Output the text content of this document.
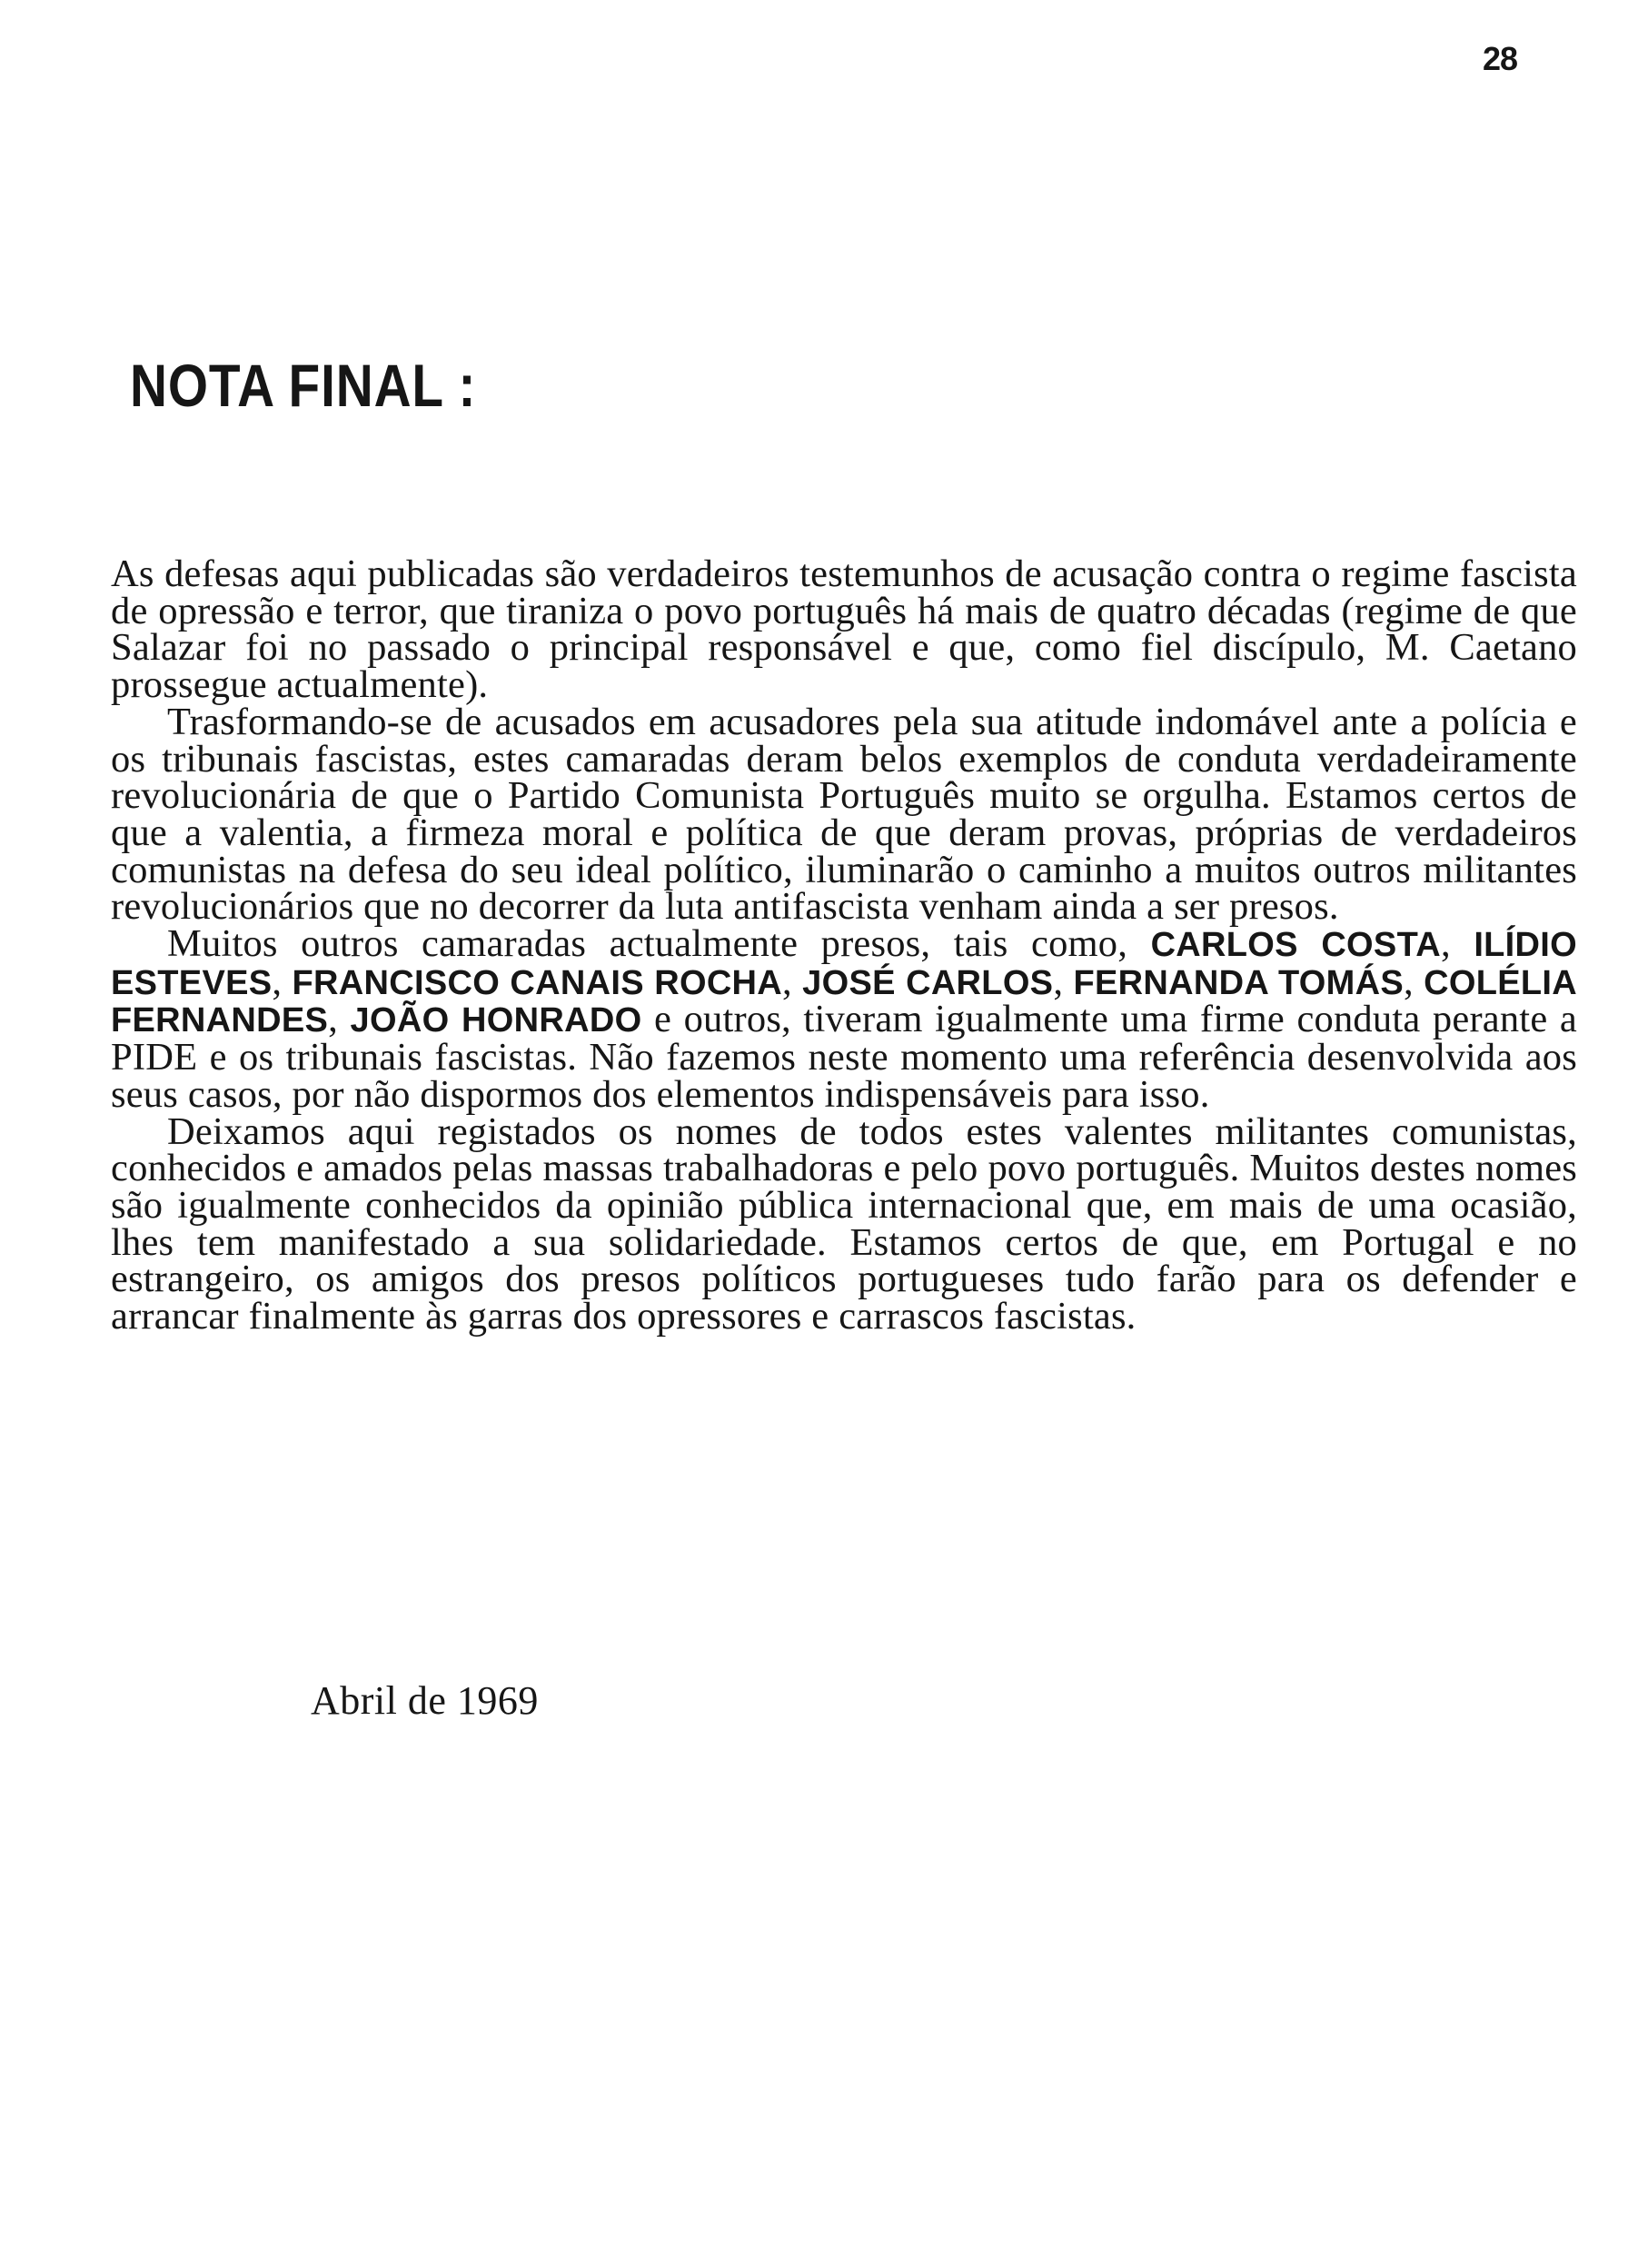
28
NOTA FINAL :

As defesas aqui publicadas são verdadeiros testemunhos de acusação contra o regime fascista de opressão e terror, que tiraniza o povo português há mais de quatro décadas (regime de que Salazar foi no passado o principal responsável e que, como fiel discípulo, M. Caetano prossegue actualmente).

Trasformando-se de acusados em acusadores pela sua atitude indomável ante a polícia e os tribunais fascistas, estes camaradas deram belos exemplos de conduta verdadeiramente revolucionária de que o Partido Comunista Português muito se orgulha. Estamos certos de que a valentia, a firmeza moral e política de que deram provas, próprias de verdadeiros comunistas na defesa do seu ideal político, iluminarão o caminho a muitos outros militantes revolucionários que no decorrer da luta antifascista venham ainda a ser presos.

Muitos outros camaradas actualmente presos, tais como, CARLOS COSTA, ILÍDIO ESTEVES, FRANCISCO CANAIS ROCHA, JOSÉ CARLOS, FERNANDA TOMÁS, COLÉLIA FERNANDES, JOÃO HONRADO e outros, tiveram igualmente uma firme conduta perante a PIDE e os tribunais fascistas. Não fazemos neste momento uma referência desenvolvida aos seus casos, por não dispormos dos elementos indispensáveis para isso.

Deixamos aqui registados os nomes de todos estes valentes militantes comunistas, conhecidos e amados pelas massas trabalhadoras e pelo povo português. Muitos destes nomes são igualmente conhecidos da opinião pública internacional que, em mais de uma ocasião, lhes tem manifestado a sua solidariedade. Estamos certos de que, em Portugal e no estrangeiro, os amigos dos presos políticos portugueses tudo farão para os defender e arrancar finalmente às garras dos opressores e carrascos fascistas.

Abril de 1969
